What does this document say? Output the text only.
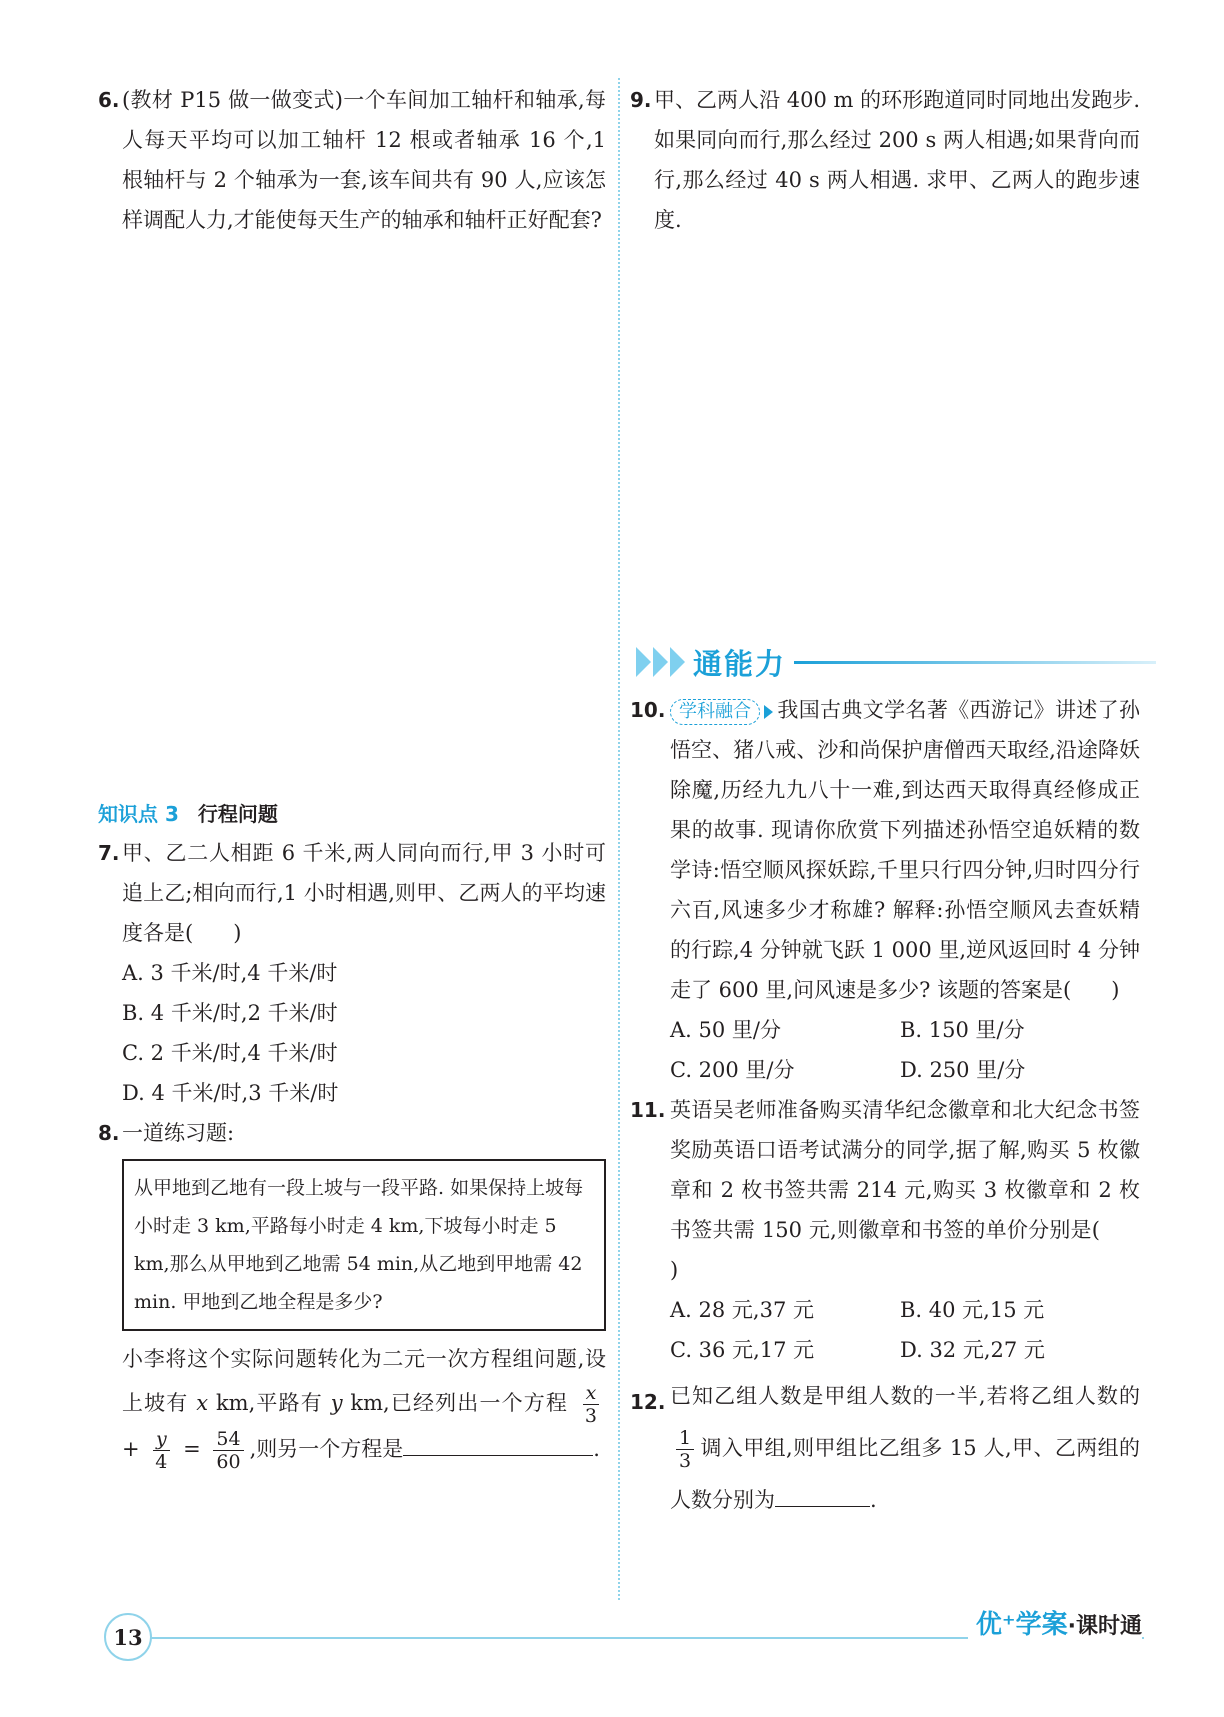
6. (教材 P15 做一做变式)一个车间加工轴杆和轴承,每人每天平均可以加工轴杆 12 根或者轴承 16 个,1 根轴杆与 2 个轴承为一套,该车间共有 90 人,应该怎样调配人力,才能使每天生产的轴承和轴杆正好配套?
知识点 3 行程问题
7. 甲、乙二人相距 6 千米,两人同向而行,甲 3 小时可追上乙;相向而行,1 小时相遇,则甲、乙两人的平均速度各是( )
A. 3 千米/时,4 千米/时
B. 4 千米/时,2 千米/时
C. 2 千米/时,4 千米/时
D. 4 千米/时,3 千米/时
8. 一道练习题:
从甲地到乙地有一段上坡与一段平路. 如果保持上坡每小时走 3 km,平路每小时走 4 km,下坡每小时走 5 km,那么从甲地到乙地需 54 min,从乙地到甲地需 42 min. 甲地到乙地全程是多少?
小李将这个实际问题转化为二元一次方程组问题,设上坡有 x km,平路有 y km,已经列出一个方程 $\frac{x}{3}$
+ $\frac{y}{4} = \frac{54}{60}$ ,则另一个方程是	.
9. 甲、乙两人沿 400 m 的环形跑道同时同地出发跑步. 如果同向而行,那么经过 200 s 两人相遇;如果背向而行,那么经过 40 s 两人相遇. 求甲、乙两人的跑步速度.
通能力
10. 学科融合 我国古典文学名著《西游记》讲述了孙悟空、猪八戒、沙和尚保护唐僧西天取经,沿途降妖除魔,历经九九八十一难,到达西天取得真经修成正果的故事. 现请你欣赏下列描述孙悟空追妖精的数学诗:悟空顺风探妖踪,千里只行四分钟,归时四分行六百,风速多少才称雄? 解释:孙悟空顺风去查妖精的行踪,4 分钟就飞跃 1 000 里,逆风返回时 4 分钟走了 600 里,问风速是多少? 该题的答案是( )
A. 50 里/分	B. 150 里/分
C. 200 里/分	D. 250 里/分
11. 英语吴老师准备购买清华纪念徽章和北大纪念书签奖励英语口语考试满分的同学,据了解,购买 5 枚徽章和 2 枚书签共需 214 元,购买 3 枚徽章和 2 枚书签共需 150 元,则徽章和书签的单价分别是()
A. 28 元,37 元	B. 40 元,15 元
C. 36 元,17 元	D. 32 元,27 元
12. 已知乙组人数是甲组人数的一半,若将乙组人数的
$\frac{1}{3}$ 调入甲组,则甲组比乙组多 15 人,甲、乙两组的人数分别为	.
13	优⁺学案·课时通
